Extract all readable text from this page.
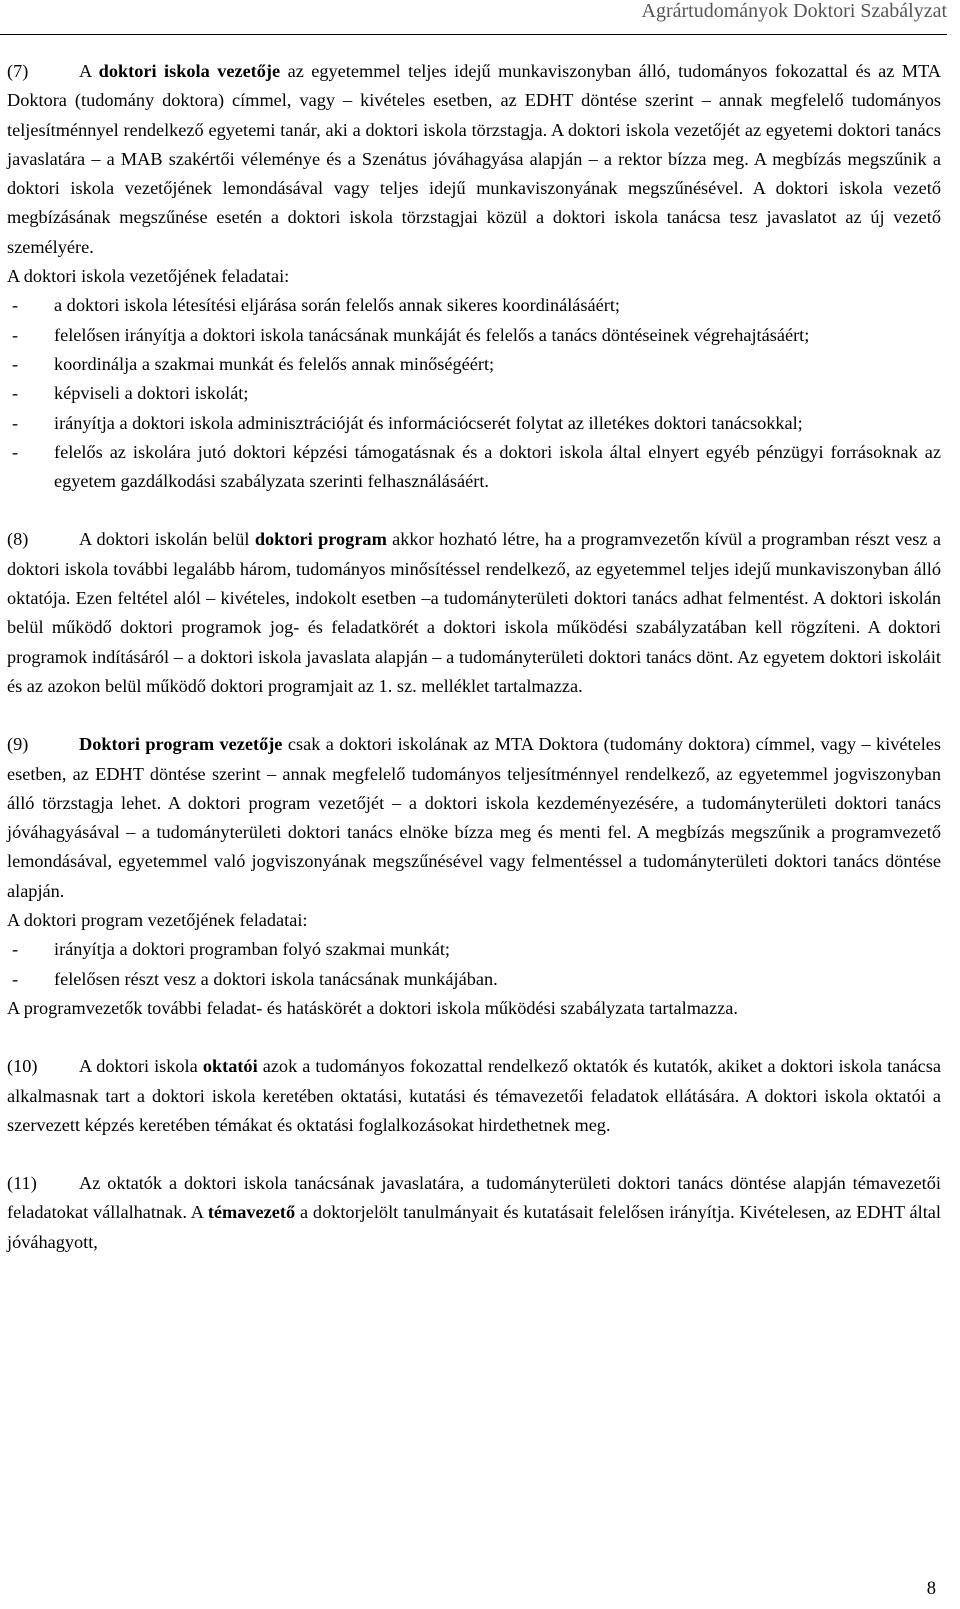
Agrártudományok Doktori Szabályzat

(7)	A doktori iskola vezetője az egyetemmel teljes idejű munkaviszonyban álló, tudományos fokozattal és az MTA Doktora (tudomány doktora) címmel, vagy – kivételes esetben, az EDHT döntése szerint – annak megfelelő tudományos teljesítménnyel rendelkező egyetemi tanár, aki a doktori iskola törzstagja. A doktori iskola vezetőjét az egyetemi doktori tanács javaslatára – a MAB szakértői véleménye és a Szenátus jóváhagyása alapján – a rektor bízza meg. A megbízás megszűnik a doktori iskola vezetőjének lemondásával vagy teljes idejű munkaviszonyának megszűnésével. A doktori iskola vezető megbízásának megszűnése esetén a doktori iskola törzstagjai közül a doktori iskola tanácsa tesz javaslatot az új vezető személyére.

A doktori iskola vezetőjének feladatai:

-	a doktori iskola létesítési eljárása során felelős annak sikeres koordinálásáért;
-	felelősen irányítja a doktori iskola tanácsának munkáját és felelős a tanács döntéseinek végrehajtásáért;
-	koordinálja a szakmai munkát és felelős annak minőségéért;
-	képviseli a doktori iskolát;
-	irányítja a doktori iskola adminisztrációját és információcserét folytat az illetékes doktori tanácsokkal;
-	felelős az iskolára jutó doktori képzési támogatásnak és a doktori iskola által elnyert egyéb pénzügyi forrásoknak az egyetem gazdálkodási szabályzata szerinti felhasználásáért.

(8)	A doktori iskolán belül doktori program akkor hozható létre, ha a programvezetőn kívül a programban részt vesz a doktori iskola további legalább három, tudományos minősítéssel rendelkező, az egyetemmel teljes idejű munkaviszonyban álló oktatója. Ezen feltétel alól – kivételes, indokolt esetben –a tudományterületi doktori tanács adhat felmentést. A doktori iskolán belül működő doktori programok jog- és feladatkörét a doktori iskola működési szabályzatában kell rögzíteni. A doktori programok indításáról – a doktori iskola javaslata alapján – a tudományterületi doktori tanács dönt. Az egyetem doktori iskoláit és az azokon belül működő doktori programjait az 1. sz. melléklet tartalmazza.

(9)	Doktori program vezetője csak a doktori iskolának az MTA Doktora (tudomány doktora) címmel, vagy – kivételes esetben, az EDHT döntése szerint – annak megfelelő tudományos teljesítménnyel rendelkező, az egyetemmel jogviszonyban álló törzstagja lehet. A doktori program vezetőjét – a doktori iskola kezdeményezésére, a tudományterületi doktori tanács jóváhagyásával – a tudományterületi doktori tanács elnöke bízza meg és menti fel. A megbízás megszűnik a programvezető lemondásával, egyetemmel való jogviszonyának megszűnésével vagy felmentéssel a tudományterületi doktori tanács döntése alapján.

A doktori program vezetőjének feladatai:

-	irányítja a doktori programban folyó szakmai munkát;
-	felelősen részt vesz a doktori iskola tanácsának munkájában.

A programvezetők további feladat- és hatáskörét a doktori iskola működési szabályzata tartalmazza.

(10) A doktori iskola oktatói azok a tudományos fokozattal rendelkező oktatók és kutatók, akiket a doktori iskola tanácsa alkalmasnak tart a doktori iskola keretében oktatási, kutatási és témavezetői feladatok ellátására. A doktori iskola oktatói a szervezett képzés keretében témákat és oktatási foglalkozásokat hirdethetnek meg.

(11) Az oktatók a doktori iskola tanácsának javaslatára, a tudományterületi doktori tanács döntése alapján témavezetői feladatokat vállalhatnak. A témavezető a doktorjelölt tanulmányait és kutatásait felelősen irányítja. Kivételesen, az EDHT által jóváhagyott,

8
